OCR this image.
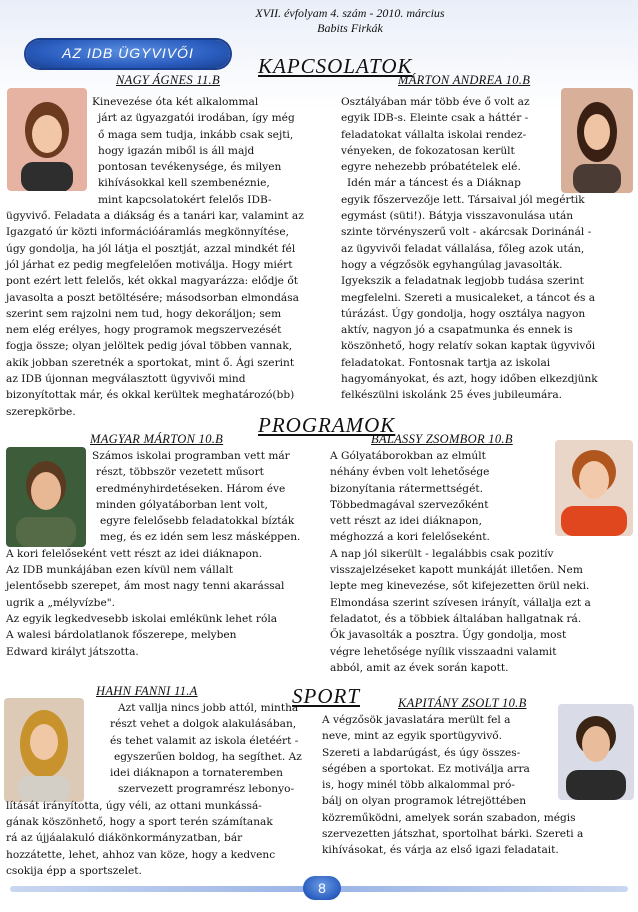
XVII. évfolyam 4. szám - 2010. március
Babits Firkák
AZ IDB ÜGYVIVŐI
KAPCSOLATOK
NAGY ÁGNES 11.B
Kinevezése óta két alkalommal
járt az ügyazgatói irodában, így még
ő maga sem tudja, inkább csak sejti,
hogy igazán miből is áll majd
pontosan tevékenysége, és milyen
kihívásokkal kell szembenéznie,
mint kapcsolatokért felelős IDB-
ügyvivő. Feladata a diákság és a tanári kar, valamint az
Igazgató úr közti információáramlás megkönnyítése,
úgy gondolja, ha jól látja el posztját, azzal mindkét fél
jól járhat ez pedig megfelelően motiválja. Hogy miért
pont ezért lett felelős, két okkal magyarázza: elődje őt
javasolta a poszt betöltésére; másodsorban elmondása
szerint sem rajzolni nem tud, hogy dekoráljon; sem
nem elég erélyes, hogy programok megszervezését
fogja össze; olyan jelöltek pedig jóval többen vannak,
akik jobban szeretnék a sportokat, mint ő. Ági szerint
az IDB újonnan megválasztott ügyvivői mind
bizonyítottak már, és okkal kerültek meghatározó(bb)
szerepkörbe.
MÁRTON ANDREA 10.B
Osztályában már több éve ő volt az
egyik IDB-s. Eleinte csak a háttér -
feladatokat vállalta iskolai rendez-
vényeken, de fokozatosan került
egyre nehezebb próbatételek elé.
Idén már a táncest és a Diáknap
egyik főszervezője lett. Társaival jól megértik
egymást (süti!). Bátyja visszavonulása után
szinte törvényszerű volt - akárcsak Dorinánál -
az ügyvivői feladat vállalása, főleg azok után,
hogy a végzősök egyhangúlag javasolták.
Igyekszik a feladatnak legjobb tudása szerint
megfelelni. Szereti a musicaleket, a táncot és a
túrázást. Úgy gondolja, hogy osztálya nagyon
aktív, nagyon jó a csapatmunka és ennek is
köszönhető, hogy relatív sokan kaptak ügyvivői
feladatokat. Fontosnak tartja az iskolai
hagyományokat, és azt, hogy időben elkezdjünk
felkészülni iskolánk 25 éves jubileumára.
PROGRAMOK
MAGYAR MÁRTON 10.B
Számos iskolai programban vett már
részt, többször vezetett műsort
eredményhirdetéseken. Három éve
minden gólyatáborban lent volt,
egyre felelősebb feladatokkal bízták
meg, és ez idén sem lesz másképpen.
A kori felelőseként vett részt az idei diáknapon.
Az IDB munkájában ezen kívül nem vállalt
jelentősebb szerepet, ám most nagy tenni akarással
ugrik a „mélyvízbe".
Az egyik legkedvesebb iskolai emlékünk lehet róla
A walesi bárdolatlanok főszerepe, melyben
Edward királyt játszotta.
BALASSY ZSOMBOR 10.B
A Gólyatáborokban az elmúlt
néhány évben volt lehetősége
bizonyítania rátermettségét.
Többedmagával szervezőként
vett részt az idei diáknapon,
méghozzá a kori felelőseként.
A nap jól sikerült - legalábbis csak pozitív
visszajelzéseket kapott munkáját illetően. Nem
lepte meg kinevezése, sőt kifejezetten örül neki.
Elmondása szerint szívesen irányít, vállalja ezt a
feladatot, és a többiek általában hallgatnak rá.
Ők javasolták a posztra. Úgy gondolja, most
végre lehetősége nyílik visszaadni valamit
abból, amit az évek során kapott.
SPORT
HAHN FANNI 11.A
Azt vallja nincs jobb attól, mintha
részt vehet a dolgok alakulásában,
és tehet valamit az iskola életéért -
egyszerűen boldog, ha segíthet. Az
idei diáknapon a tornateremben
szervezett programrész lebonyo-
lítását irányította, úgy véli, az ottani munkássá-
gának köszönhető, hogy a sport terén számítanak
rá az újjáalakuló diákönkormányzatban, bár
hozzátette, lehet, ahhoz van köze, hogy a kedvenc
csokija épp a sportszelet.
KAPITÁNY ZSOLT 10.B
A végzősök javaslatára merült fel a
neve, mint az egyik sportügyvivő.
Szereti a labdarúgást, és úgy összes-
ségében a sportokat. Ez motiválja arra
is, hogy minél több alkalommal pró-
bálj on olyan programok létrejöttében
közreműködni, amelyek során szabadon, mégis
szervezetten játszhat, sportolhat bárki. Szereti a
kihívásokat, és várja az első igazi feladatait.
8
